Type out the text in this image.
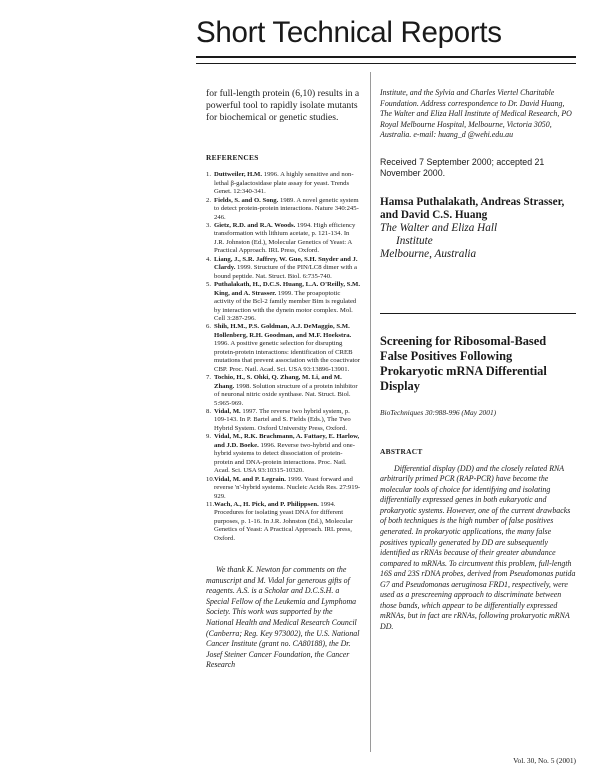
Short Technical Reports

for full-length protein (6,10) results in a powerful tool to rapidly isolate mutants for biochemical or genetic studies.

REFERENCES
1. Duttweiler, H.M. 1996. A highly sensitive and non-lethal β-galactosidase plate assay for yeast. Trends Genet. 12:340-341.
2. Fields, S. and O. Song. 1989. A novel genetic system to detect protein-protein interactions. Nature 340:245-246.
3. Gietz, R.D. and R.A. Woods. 1994. High efficiency transformation with lithium acetate, p. 121-134. In J.R. Johnston (Ed.), Molecular Genetics of Yeast: A Practical Approach. IRL Press, Oxford.
4. Liang, J., S.R. Jaffrey, W. Guo, S.H. Snyder and J. Clardy. 1999. Structure of the PIN/LC8 dimer with a bound peptide. Nat. Struct. Biol. 6:735-740.
5. Puthalakath, H., D.C.S. Huang, L.A. O'Reilly, S.M. King, and A. Strasser. 1999. The proapoptotic activity of the Bcl-2 family member Bim is regulated by interaction with the dynein motor complex. Mol. Cell 3:287-296.
6. Shih, H.M., P.S. Goldman, A.J. DeMaggio, S.M. Hollenberg, R.H. Goodman, and M.F. Hoekstra. 1996. A positive genetic selection for disrupting protein-protein interactions: identification of CREB mutations that prevent association with the coactivator CBP. Proc. Natl. Acad. Sci. USA 93:13896-13901.
7. Tochio, H., S. Ohki, Q. Zhang, M. Li, and M. Zhang. 1998. Solution structure of a protein inhibitor of neuronal nitric oxide synthase. Nat. Struct. Biol. 5:965-969.
8. Vidal, M. 1997. The reverse two hybrid system, p. 109-143. In P. Bartel and S. Fields (Eds.), The Two Hybrid System. Oxford University Press, Oxford.
9. Vidal, M., R.K. Brachmann, A. Fattaey, E. Harlow, and J.D. Boeke. 1996. Reverse two-hybrid and one-hybrid systems to detect dissociation of protein-protein and DNA-protein interactions. Proc. Natl. Acad. Sci. USA 93:10315-10320.
10. Vidal, M. and P. Legrain. 1999. Yeast forward and reverse 'n'-hybrid systems. Nucleic Acids Res. 27:919-929.
11. Wach, A., H. Pick, and P. Philippsen. 1994. Procedures for isolating yeast DNA for different purposes, p. 1-16. In J.R. Johnston (Ed.), Molecular Genetics of Yeast: A Practical Approach. IRL press, Oxford.

We thank K. Newton for comments on the manuscript and M. Vidal for generous gifts of reagents. A.S. is a Scholar and D.C.S.H. a Special Fellow of the Leukemia and Lymphoma Society. This work was supported by the National Health and Medical Research Council (Canberra; Reg. Key 973002), the U.S. National Cancer Institute (grant no. CA80188), the Dr. Josef Steiner Cancer Foundation, the Cancer Research

Institute, and the Sylvia and Charles Viertel Charitable Foundation. Address correspondence to Dr. David Huang, The Walter and Eliza Hall Institute of Medical Research, PO Royal Melbourne Hospital, Melbourne, Victoria 3050, Australia. e-mail: huang_d @wehi.edu.au

Received 7 September 2000; accepted 21 November 2000.
Hamsa Puthalakath, Andreas Strasser, and David C.S. Huang
The Walter and Eliza Hall
Institute
Melbourne, Australia
Screening for Ribosomal-Based False Positives Following Prokaryotic mRNA Differential Display
BioTechniques 30:988-996 (May 2001)
ABSTRACT

Differential display (DD) and the closely related RNA arbitrarily primed PCR (RAP-PCR) have become the molecular tools of choice for identifying and isolating differentially expressed genes in both eukaryotic and prokaryotic systems. However, one of the current drawbacks of both techniques is the high number of false positives generated. In prokaryotic applications, the many false positives typically generated by DD are subsequently identified as rRNAs because of their greater abundance compared to mRNAs. To circumvent this problem, full-length 16S and 23S rDNA probes, derived from Pseudomonas putida G7 and Pseudomonas aeruginosa FRD1, respectively, were used as a prescreening approach to discriminate between those bands, which appear to be differentially expressed mRNAs, but in fact are rRNAs, following prokaryotic mRNA DD.

Vol. 30, No. 5 (2001)
